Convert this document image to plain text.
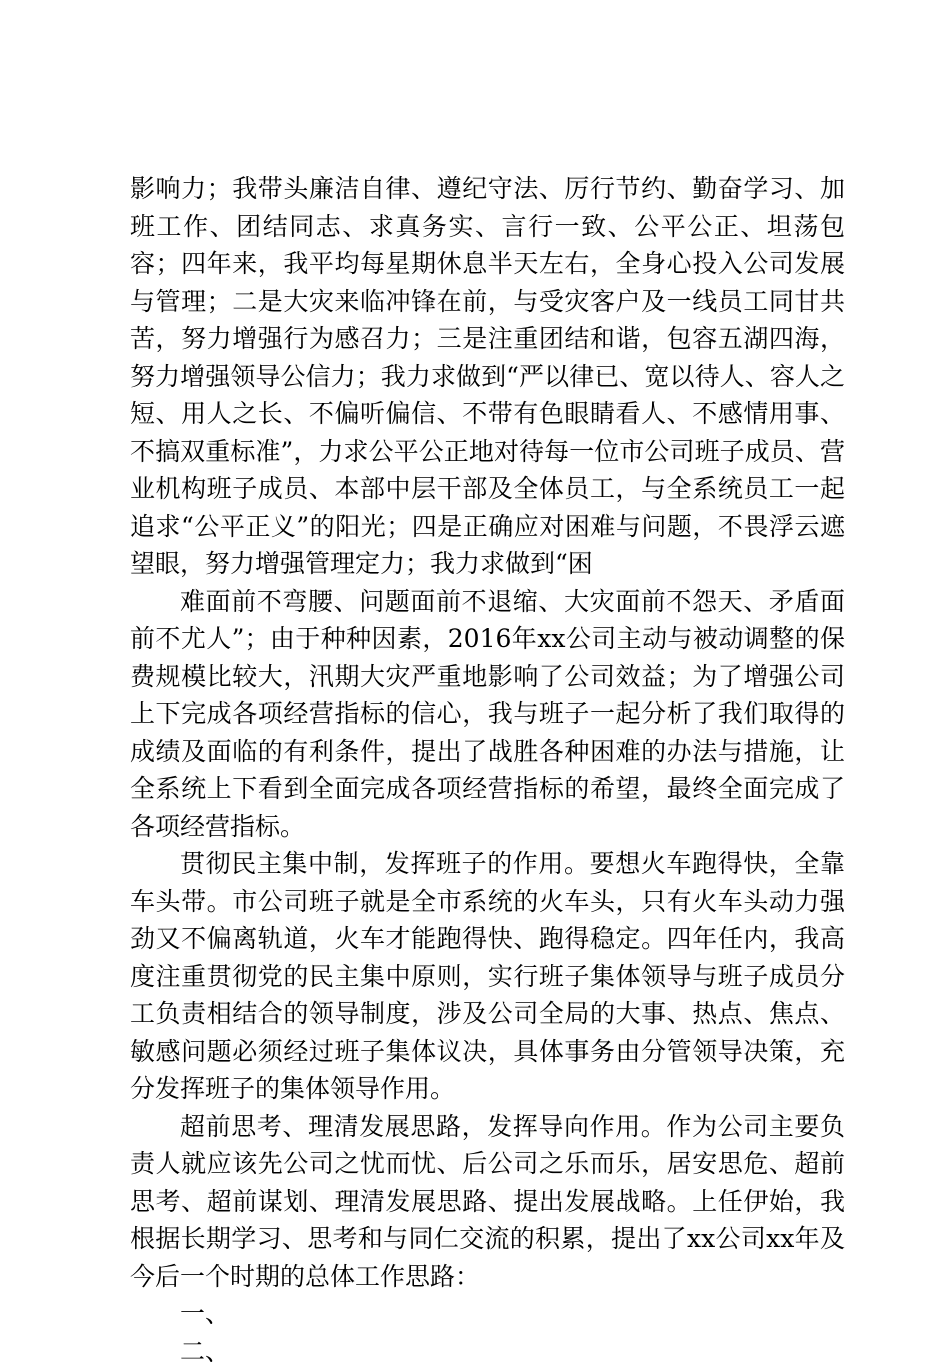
影响力；我带头廉洁自律、遵纪守法、厉行节约、勤奋学习、加班工作、团结同志、求真务实、言行一致、公平公正、坦荡包容；四年来，我平均每星期休息半天左右，全身心投入公司发展与管理；二是大灾来临冲锋在前，与受灾客户及一线员工同甘共苦，努力增强行为感召力；三是注重团结和谐，包容五湖四海，努力增强领导公信力；我力求做到“严以律已、宽以待人、容人之短、用人之长、不偏听偏信、不带有色眼睛看人、不感情用事、不搞双重标准”，力求公平公正地对待每一位市公司班子成员、营业机构班子成员、本部中层干部及全体员工，与全系统员工一起追求“公平正义”的阳光；四是正确应对困难与问题，不畏浮云遮望眼，努力增强管理定力；我力求做到“困

难面前不弯腰、问题面前不退缩、大灾面前不怨天、矛盾面前不尤人”；由于种种因素，2016年xx公司主动与被动调整的保费规模比较大，汛期大灾严重地影响了公司效益；为了增强公司上下完成各项经营指标的信心，我与班子一起分析了我们取得的成绩及面临的有利条件，提出了战胜各种困难的办法与措施，让全系统上下看到全面完成各项经营指标的希望，最终全面完成了各项经营指标。

贯彻民主集中制，发挥班子的作用。要想火车跑得快，全靠车头带。市公司班子就是全市系统的火车头，只有火车头动力强劲又不偏离轨道，火车才能跑得快、跑得稳定。四年任内，我高度注重贯彻党的民主集中原则，实行班子集体领导与班子成员分工负责相结合的领导制度，涉及公司全局的大事、热点、焦点、敏感问题必须经过班子集体议决，具体事务由分管领导决策，充分发挥班子的集体领导作用。

超前思考、理清发展思路，发挥导向作用。作为公司主要负责人就应该先公司之忧而忧、后公司之乐而乐，居安思危、超前思考、超前谋划、理清发展思路、提出发展战略。上任伊始，我根据长期学习、思考和与同仁交流的积累，提出了xx公司xx年及今后一个时期的总体工作思路：

一、

二、
